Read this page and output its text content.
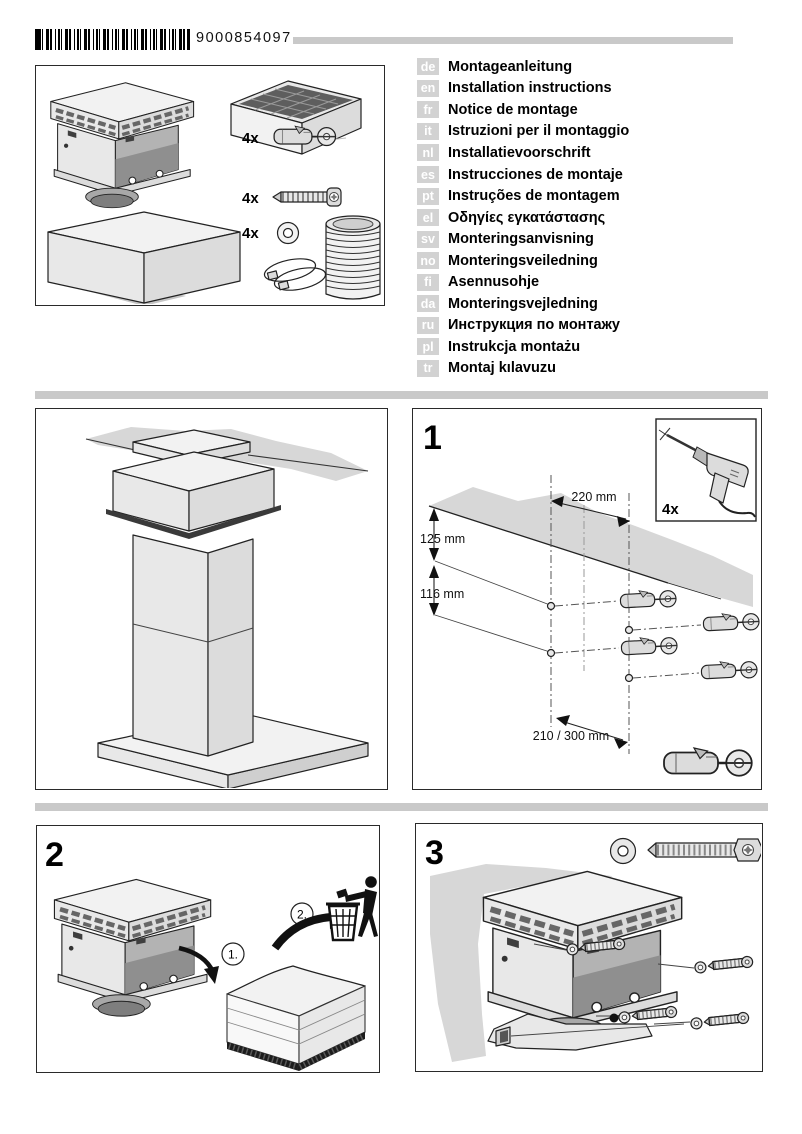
9000854097
4x
4x
4x
de Montageanleitung
en Installation instructions
fr	Notice de montage
it	Istruzioni per il montaggio
nl Installatievoorschrift
es Instrucciones de montaje
pt Instruções de montagem
el	Οδηγίες εγκατάστασης
sv Monteringsanvisning
no Monteringsveiledning
fi	Asennusohje
da Monteringsvejledning
ru Инструкция по монтажу
pl Instrukcja montażu
tr	Montaj kılavuzu
1
220 mm
125 mm
116 mm
210 / 300 mm
4x
2
1.
2.
3
